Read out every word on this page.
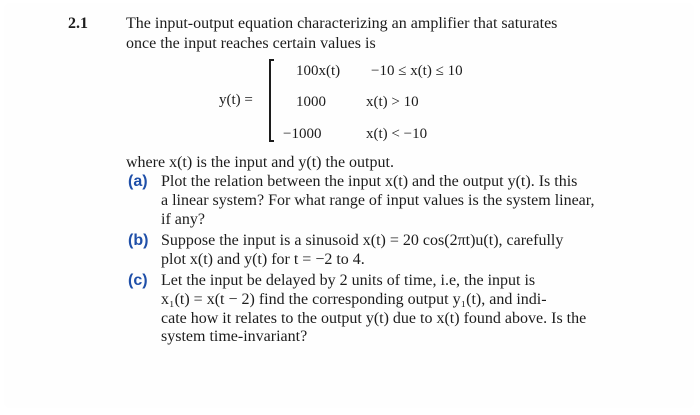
2.1 The input-output equation characterizing an amplifier that saturates
once the input reaches certain values is
y(t) =
100x(t) −10 ≤ x(t) ≤ 10
1000	x(t) > 10
−1000	x(t) < −10
where x(t) is the input and y(t) the output.
(a) Plot the relation between the input x(t) and the output y(t). Is this
a linear system? For what range of input values is the system linear,
if any?
(b) Suppose the input is a sinusoid x(t) = 20 cos(2πt)u(t), carefully
plot x(t) and y(t) for t = −2 to 4.
(c) Let the input be delayed by 2 units of time, i.e, the input is
x₁(t) = x(t − 2) find the corresponding output y₁(t), and indi-
cate how it relates to the output y(t) due to x(t) found above. Is the
system time-invariant?
